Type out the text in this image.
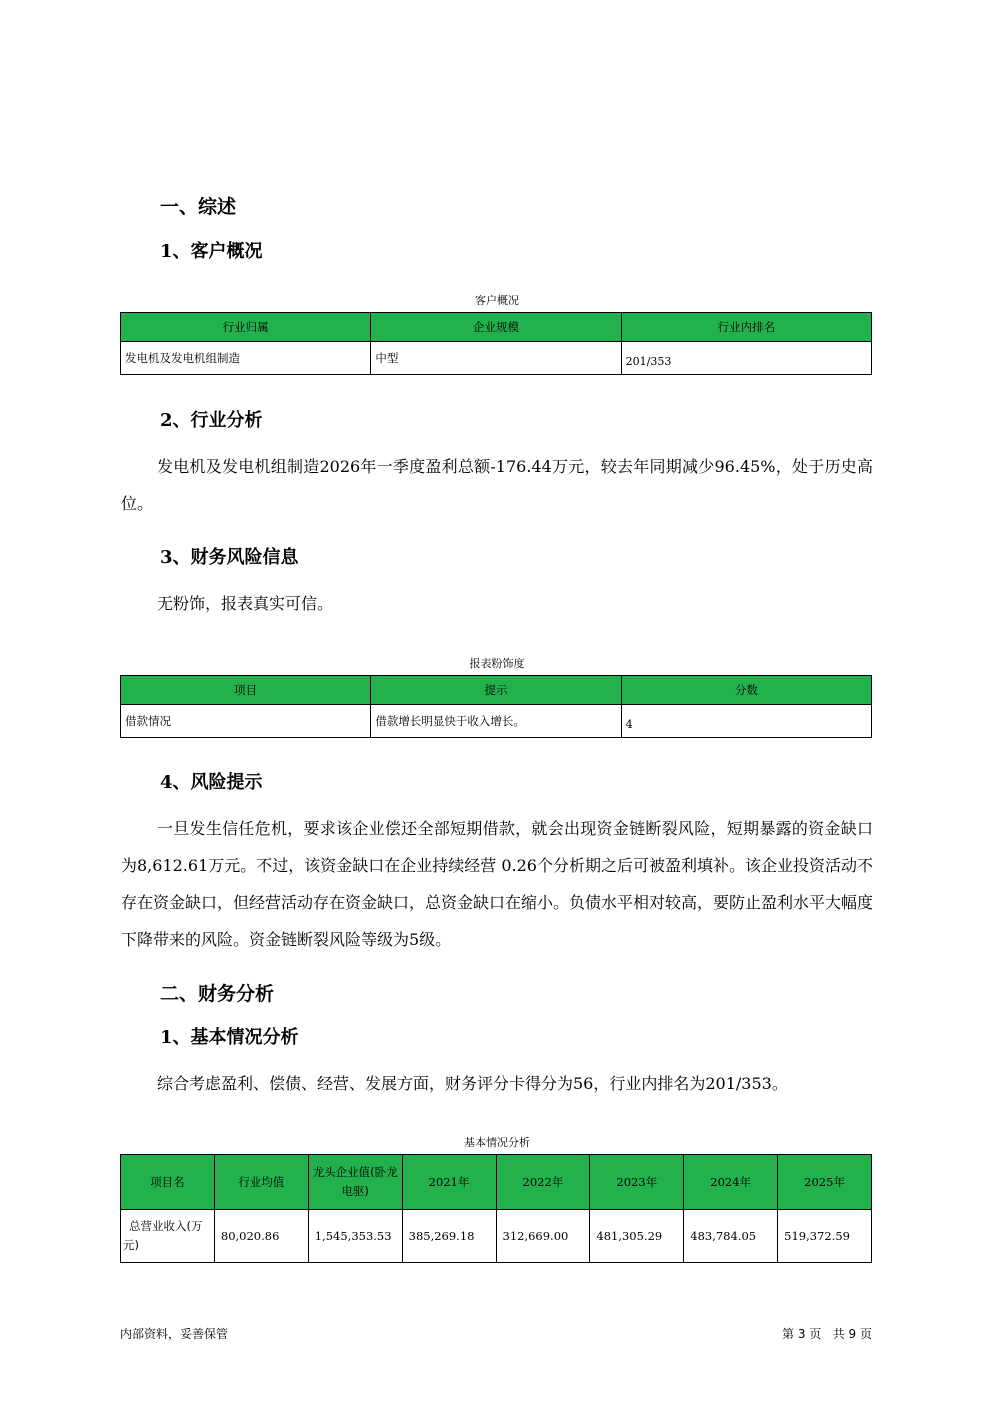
一、综述
1、客户概况
客户概况
行业归属	企业规模	行业内排名
发电机及发电机组制造	中型	201/353
2、行业分析
发电机及发电机组制造2026年一季度盈利总额-176.44万元，较去年同期减少96.45%，处于历史高位。
3、财务风险信息
无粉饰，报表真实可信。
报表粉饰度
项目	提示	分数
借款情况	借款增长明显快于收入增长。	4
4、风险提示
一旦发生信任危机，要求该企业偿还全部短期借款，就会出现资金链断裂风险，短期暴露的资金缺口为8,612.61万元。不过，该资金缺口在企业持续经营 0.26个分析期之后可被盈利填补。该企业投资活动不存在资金缺口，但经营活动存在资金缺口，总资金缺口在缩小。负债水平相对较高，要防止盈利水平大幅度下降带来的风险。资金链断裂风险等级为5级。
二、财务分析
1、基本情况分析
综合考虑盈利、偿债、经营、发展方面，财务评分卡得分为56，行业内排名为201/353。
基本情况分析
项目名	行业均值	龙头企业值(卧龙电驱)	2021年	2022年	2023年	2024年	2025年
总营业收入(万元)	80,020.86	1,545,353.53	385,269.18	312,669.00	481,305.29	483,784.05	519,372.59
内部资料，妥善保管	第 3 页   共 9 页
